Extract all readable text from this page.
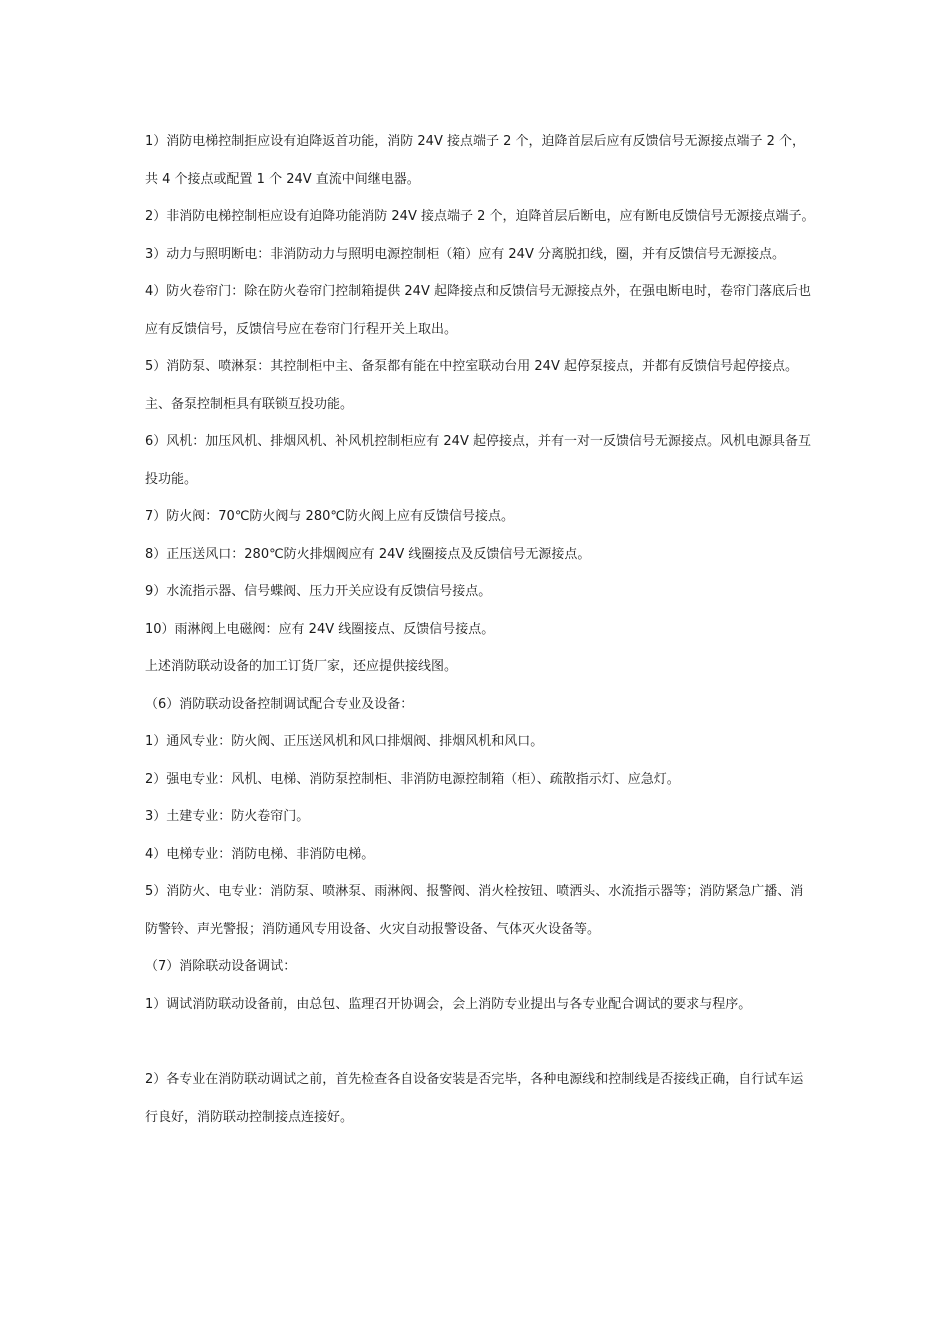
1）消防电梯控制拒应设有迫降返首功能，消防 24V 接点端子 2 个，迫降首层后应有反馈信号无源接点端子 2 个，共 4 个接点或配置 1 个 24V 直流中间继电器。

2）非消防电梯控制柜应设有迫降功能消防 24V 接点端子 2 个，迫降首层后断电，应有断电反馈信号无源接点端子。

3）动力与照明断电：非消防动力与照明电源控制柜（箱）应有 24V 分离脱扣线，圈，并有反馈信号无源接点。

4）防火卷帘门：除在防火卷帘门控制箱提供 24V 起降接点和反馈信号无源接点外，在强电断电时，卷帘门落底后也应有反馈信号，反馈信号应在卷帘门行程开关上取出。

5）消防泵、喷淋泵：其控制柜中主、备泵都有能在中控室联动台用 24V 起停泵接点，并都有反馈信号起停接点。主、备泵控制柜具有联锁互投功能。

6）风机：加压风机、排烟风机、补风机控制柜应有 24V 起停接点，并有一对一反馈信号无源接点。风机电源具备互投功能。

7）防火阀：70℃防火阀与 280℃防火阀上应有反馈信号接点。

8）正压送风口：280℃防火排烟阀应有 24V 线圈接点及反馈信号无源接点。

9）水流指示器、信号蝶阀、压力开关应设有反馈信号接点。

10）雨淋阀上电磁阀：应有 24V 线圈接点、反馈信号接点。

上述消防联动设备的加工订货厂家，还应提供接线图。

（6）消防联动设备控制调试配合专业及设备：

1）通风专业：防火阀、正压送风机和风口排烟阀、排烟风机和风口。

2）强电专业：风机、电梯、消防泵控制柜、非消防电源控制箱（柜）、疏散指示灯、应急灯。

3）土建专业：防火卷帘门。

4）电梯专业：消防电梯、非消防电梯。

5）消防火、电专业：消防泵、喷淋泵、雨淋阀、报警阀、消火栓按钮、喷洒头、水流指示器等；消防紧急广播、消防警铃、声光警报；消防通风专用设备、火灾自动报警设备、气体灭火设备等。

（7）消除联动设备调试：

1）调试消防联动设备前，由总包、监理召开协调会，会上消防专业提出与各专业配合调试的要求与程序。

2）各专业在消防联动调试之前，首先检查各自设备安装是否完毕，各种电源线和控制线是否接线正确，自行试车运行良好，消防联动控制接点连接好。
